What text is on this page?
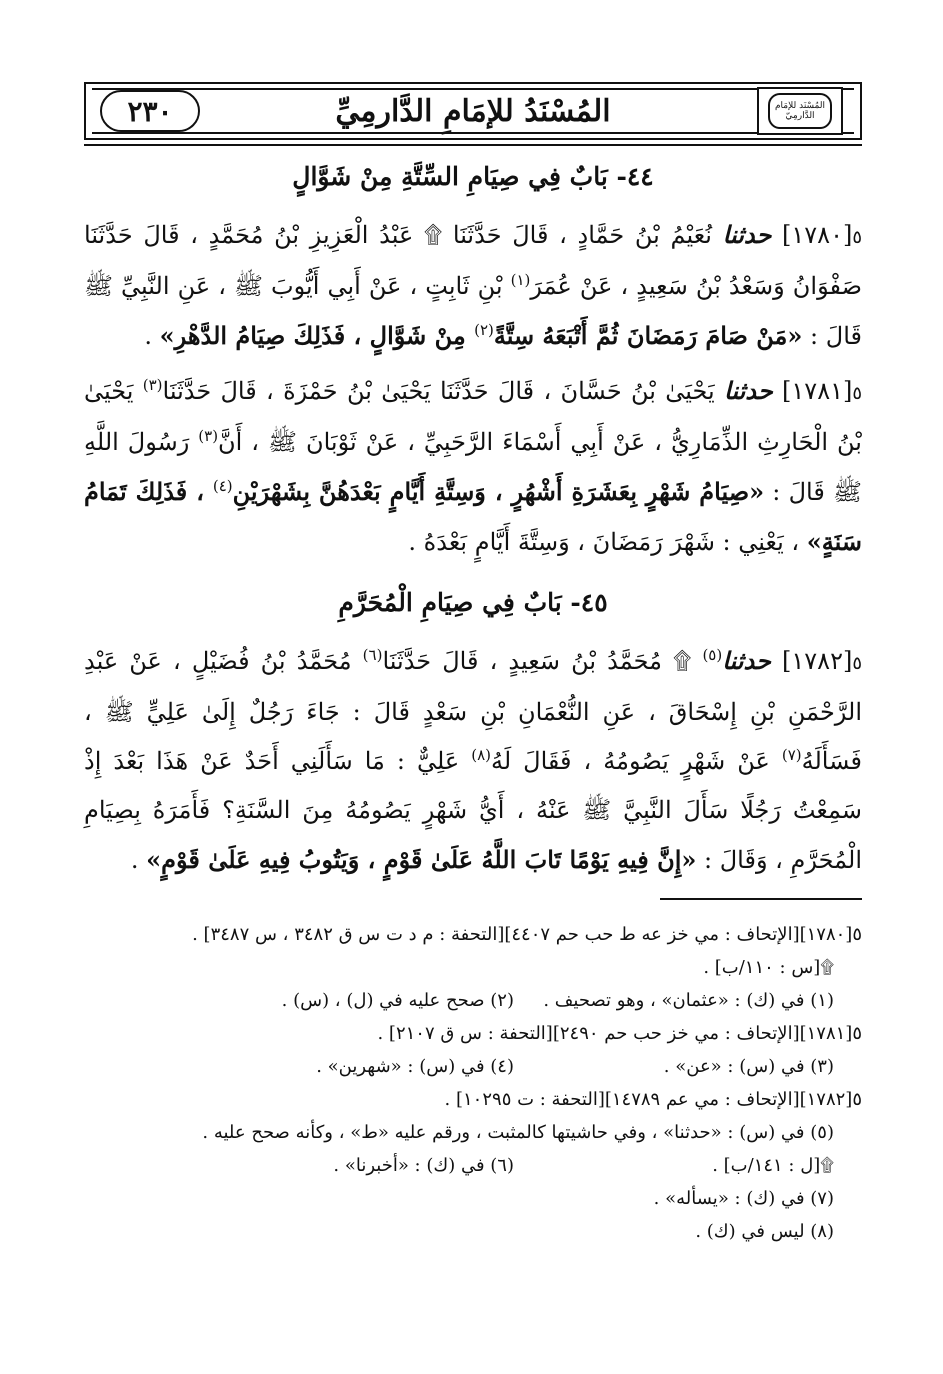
المُسْنَدُ للإمَامِ الدَّارمِيِّ	المُسْنَد للإمَام الدَّارمِيّ
٢٣٠
٤٤- بَابٌ فِي صِيَامِ السِّتَّةِ مِنْ شَوَّالٍ
٥[١٧٨٠] حدثنا نُعَيْمُ بْنُ حَمَّادٍ ، قَالَ حَدَّثَنَا ۩ عَبْدُ الْعَزِيزِ بْنُ مُحَمَّدٍ ، قَالَ حَدَّثَنَا صَفْوَانُ وَسَعْدُ بْنُ سَعِيدٍ ، عَنْ عُمَرَ$^{(١)}$ بْنِ ثَابِتٍ ، عَنْ أَبِي أَيُّوبَ ﷺ ، عَنِ النَّبِيِّ ﷺ قَالَ : «مَنْ صَامَ رَمَضَانَ ثُمَّ أَتْبَعَهُ سِتَّةً$^{(٢)}$ مِنْ شَوَّالٍ ، فَذَلِكَ صِيَامُ الدَّهْرِ» .
٥[١٧٨١] حدثنا يَحْيَىٰ بْنُ حَسَّانَ ، قَالَ حَدَّثَنَا يَحْيَىٰ بْنُ حَمْزَةَ ، قَالَ حَدَّثَنَا$^{(٣)}$ يَحْيَىٰ بْنُ الْحَارِثِ الذِّمَارِيُّ ، عَنْ أَبِي أَسْمَاءَ الرَّحَبِيِّ ، عَنْ ثَوْبَانَ ﷺ ، أَنَّ$^{(٣)}$ رَسُولَ اللَّهِ ﷺ قَالَ : «صِيَامُ شَهْرٍ بِعَشَرَةِ أَشْهُرٍ ، وَسِتَّةِ أَيَّامٍ بَعْدَهُنَّ بِشَهْرَيْنِ$^{(٤)}$ ، فَذَلِكَ تَمَامُ سَنَةٍ» ، يَعْنِي : شَهْرَ رَمَضَانَ ، وَسِتَّةَ أَيَّامٍ بَعْدَهُ .
٤٥- بَابٌ فِي صِيَامِ الْمُحَرَّمِ
٥[١٧٨٢] حدثنا$^{(٥)}$ ۩ مُحَمَّدُ بْنُ سَعِيدٍ ، قَالَ حَدَّثَنَا$^{(٦)}$ مُحَمَّدُ بْنُ فُضَيْلٍ ، عَنْ عَبْدِ الرَّحْمَنِ بْنِ إِسْحَاقَ ، عَنِ النُّعْمَانِ بْنِ سَعْدٍ قَالَ : جَاءَ رَجُلٌ إِلَىٰ عَلِيٍّ ﷺ ، فَسَأَلَهُ$^{(٧)}$ عَنْ شَهْرٍ يَصُومُهُ ، فَقَالَ لَهُ$^{(٨)}$ عَلِيٌّ : مَا سَأَلَنِي أَحَدٌ عَنْ هَذَا بَعْدَ إِذْ سَمِعْتُ رَجُلًا سَأَلَ النَّبِيَّ ﷺ عَنْهُ ، أَيُّ شَهْرٍ يَصُومُهُ مِنَ السَّنَةِ؟ فَأَمَرَهُ بِصِيَامِ الْمُحَرَّمِ ، وَقَالَ : «إِنَّ فِيهِ يَوْمًا تَابَ اللَّهُ عَلَىٰ قَوْمٍ ، وَيَتُوبُ فِيهِ عَلَىٰ قَوْمٍ» .
٥[١٧٨٠][الإتحاف : مي خز عه ط حب حم ٤٤٠٧][التحفة : م د ت س ق ٣٤٨٢ ، س ٣٤٨٧] .
۩[س : ١١٠/ب] .
(١) في (ك) : «عثمان» ، وهو تصحيف .
(٢) صحح عليه في (ل) ، (س) .
٥[١٧٨١][الإتحاف : مي خز حب حم ٢٤٩٠][التحفة : س ق ٢١٠٧] .
(٣) في (س) : «عن» .
(٤) في (س) : «شهرين» .
٥[١٧٨٢][الإتحاف : مي عم ١٤٧٨٩][التحفة : ت ١٠٢٩٥] .
(٥) في (س) : «حدثنا» ، وفي حاشيتها كالمثبت ، ورقم عليه «ط» ، وكأنه صحح عليه .
۩[ل : ١٤١/ب] .
(٦) في (ك) : «أخبرنا» .
(٧) في (ك) : «يسأله» .
(٨) ليس في (ك) .
